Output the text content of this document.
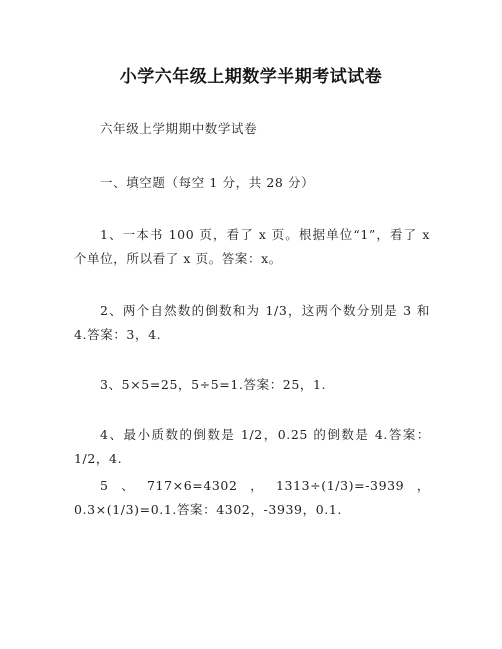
小学六年级上期数学半期考试试卷
六年级上学期期中数学试卷
一、填空题（每空 1 分，共 28 分）
1、一本书 100 页，看了 x 页。根据单位“1”，看了 x 个单位，所以看了 x 页。答案：x。
2、两个自然数的倒数和为 1/3，这两个数分别是 3 和 4.答案：3，4.
3、5×5=25，5÷5=1.答案：25，1.
4、最小质数的倒数是 1/2，0.25 的倒数是 4.答案：1/2，4.
5、717×6=4302，1313÷(1/3)=-3939，0.3×(1/3)=0.1.答案：4302，-3939，0.1.
